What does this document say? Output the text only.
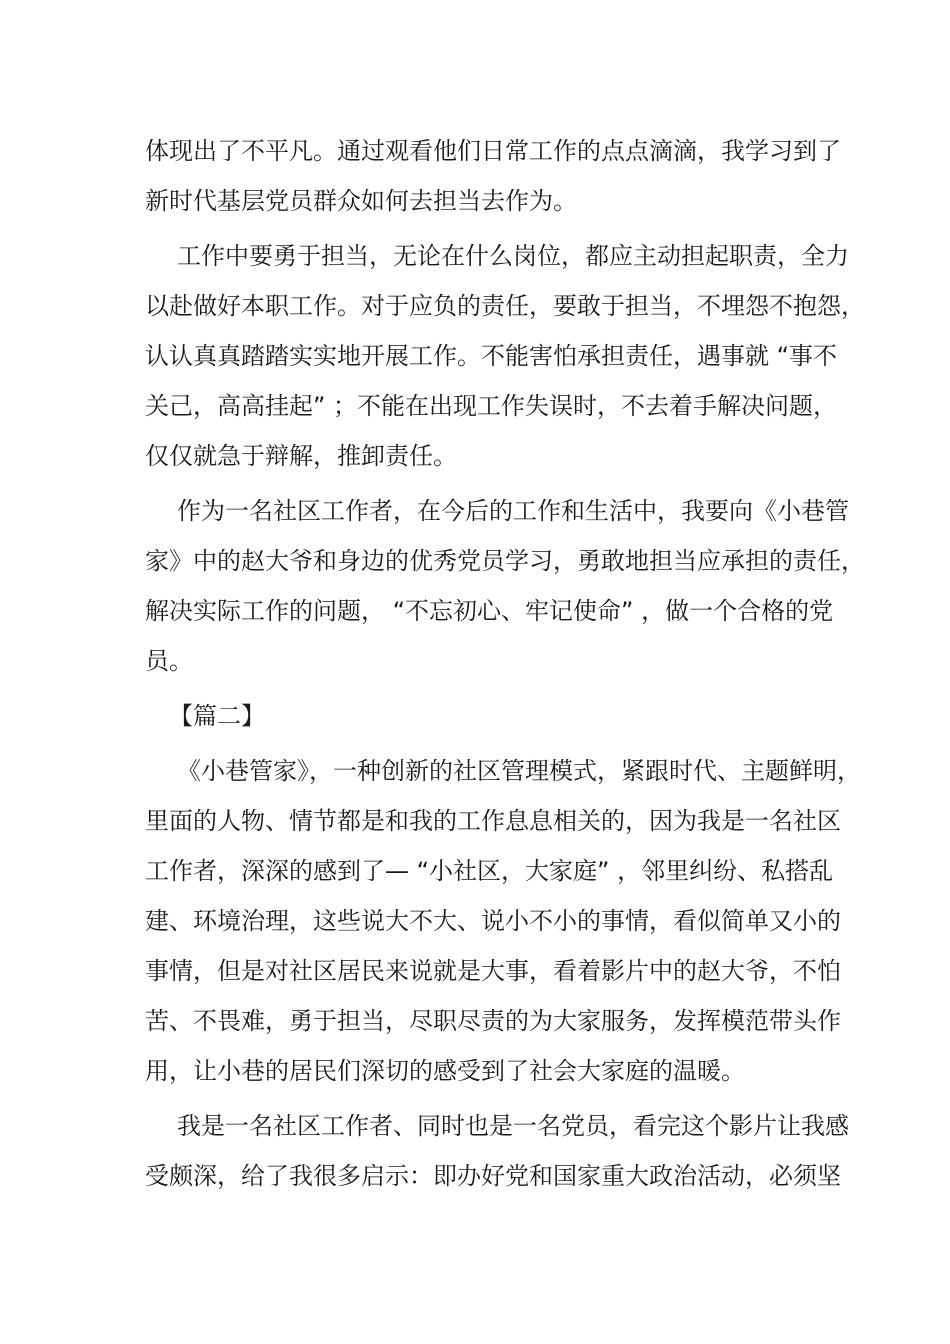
体现出了不平凡。通过观看他们日常工作的点点滴滴，我学习到了

新时代基层党员群众如何去担当去作为。

工作中要勇于担当，无论在什么岗位，都应主动担起职责，全力

以赴做好本职工作。对于应负的责任，要敢于担当，不埋怨不抱怨，

认认真真踏踏实实地开展工作。不能害怕承担责任，遇事就 “事不

关己，高高挂起” ；不能在出现工作失误时，不去着手解决问题，

仅仅就急于辩解，推卸责任。

作为一名社区工作者，在今后的工作和生活中，我要向《小巷管

家》中的赵大爷和身边的优秀党员学习，勇敢地担当应承担的责任，

解决实际工作的问题， “不忘初心、牢记使命” ，做一个合格的党

员。

【篇二】

《小巷管家》，一种创新的社区管理模式，紧跟时代、主题鲜明，

里面的人物、情节都是和我的工作息息相关的，因为我是一名社区

工作者，深深的感到了— “小社区，大家庭” ，邻里纠纷、私搭乱

建、环境治理，这些说大不大、说小不小的事情，看似简单又小的

事情，但是对社区居民来说就是大事，看着影片中的赵大爷，不怕

苦、不畏难，勇于担当，尽职尽责的为大家服务，发挥模范带头作

用，让小巷的居民们深切的感受到了社会大家庭的温暖。

我是一名社区工作者、同时也是一名党员，看完这个影片让我感

受颇深，给了我很多启示：即办好党和国家重大政治活动，必须坚
